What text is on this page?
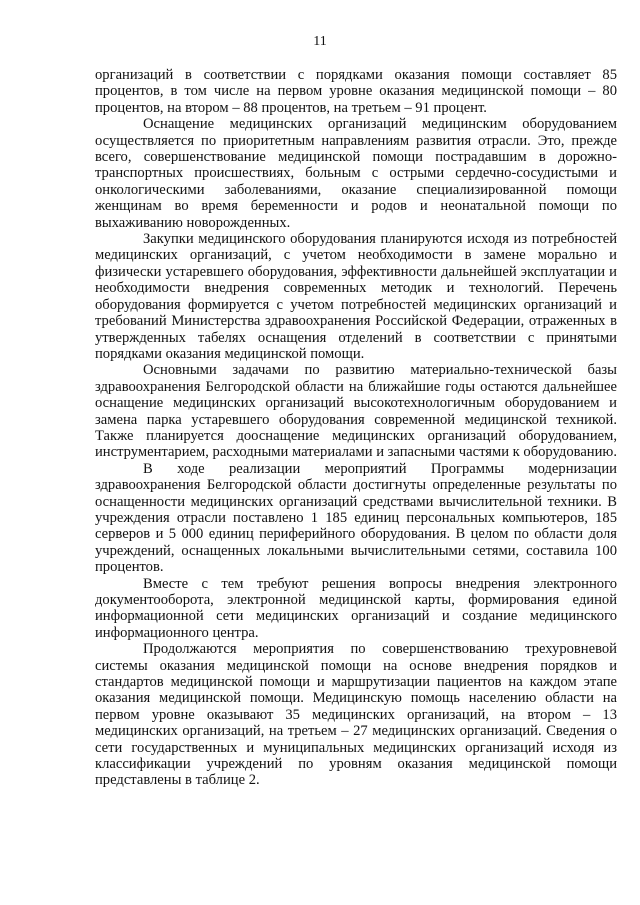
11

организаций в соответствии с порядками оказания помощи составляет 85 процентов, в том числе на первом уровне оказания медицинской помощи – 80 процентов, на втором – 88 процентов, на третьем – 91 процент.

Оснащение медицинских организаций медицинским оборудованием осуществляется по приоритетным направлениям развития отрасли. Это, прежде всего, совершенствование медицинской помощи пострадавшим в дорожно-транспортных происшествиях, больным с острыми сердечно-сосудистыми и онкологическими заболеваниями, оказание специализированной помощи женщинам во время беременности и родов и неонатальной помощи по выхаживанию новорожденных.

Закупки медицинского оборудования планируются исходя из потребностей медицинских организаций, с учетом необходимости в замене морально и физически устаревшего оборудования, эффективности дальнейшей эксплуатации и необходимости внедрения современных методик и технологий. Перечень оборудования формируется с учетом потребностей медицинских организаций и требований Министерства здравоохранения Российской Федерации, отраженных в утвержденных табелях оснащения отделений в соответствии с принятыми порядками оказания медицинской помощи.

Основными задачами по развитию материально-технической базы здравоохранения Белгородской области на ближайшие годы остаются дальнейшее оснащение медицинских организаций высокотехнологичным оборудованием и замена парка устаревшего оборудования современной медицинской техникой. Также планируется дооснащение медицинских организаций оборудованием, инструментарием, расходными материалами и запасными частями к оборудованию.

В ходе реализации мероприятий Программы модернизации здравоохранения Белгородской области достигнуты определенные результаты по оснащенности медицинских организаций средствами вычислительной техники. В учреждения отрасли поставлено 1 185 единиц персональных компьютеров, 185 серверов и 5 000 единиц периферийного оборудования. В целом по области доля учреждений, оснащенных локальными вычислительными сетями, составила 100 процентов.

Вместе с тем требуют решения вопросы внедрения электронного документооборота, электронной медицинской карты, формирования единой информационной сети медицинских организаций и создание медицинского информационного центра.

Продолжаются мероприятия по совершенствованию трехуровневой системы оказания медицинской помощи на основе внедрения порядков и стандартов медицинской помощи и маршрутизации пациентов на каждом этапе оказания медицинской помощи. Медицинскую помощь населению области на первом уровне оказывают 35 медицинских организаций, на втором – 13 медицинских организаций, на третьем – 27 медицинских организаций. Сведения о сети государственных и муниципальных медицинских организаций исходя из классификации учреждений по уровням оказания медицинской помощи представлены в таблице 2.
